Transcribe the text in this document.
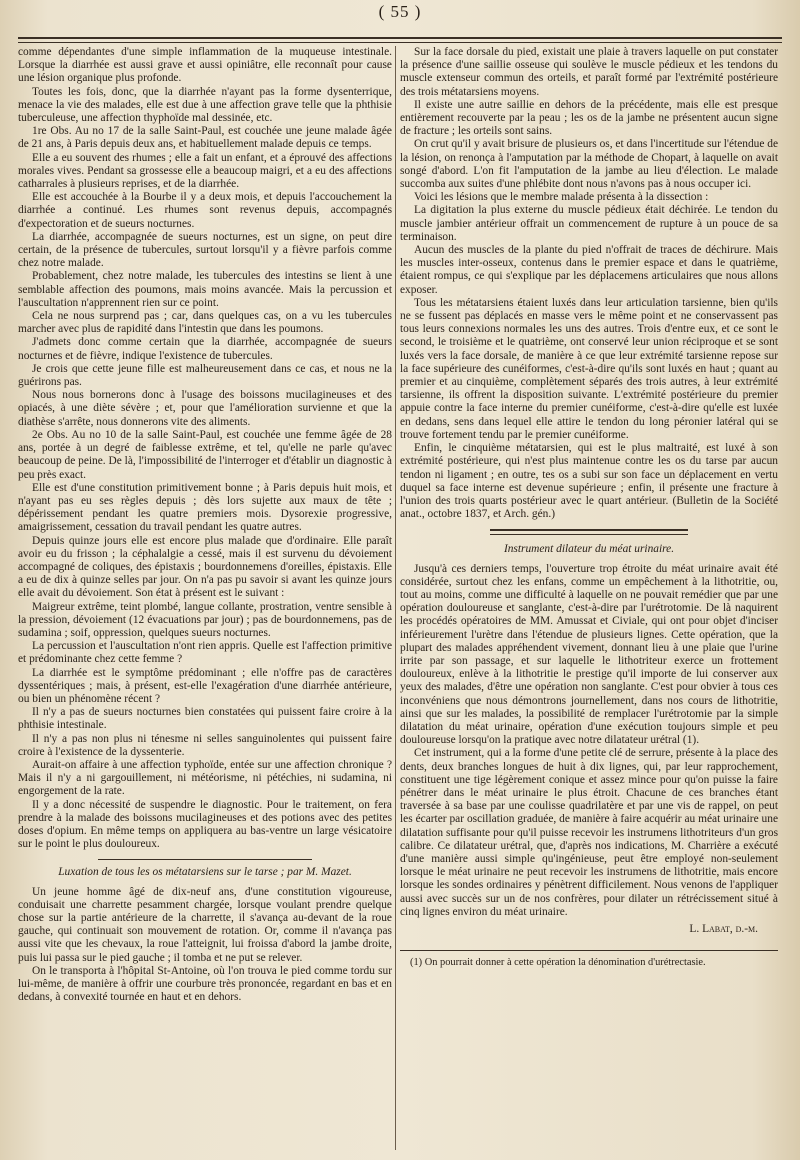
( 55 )

comme dépendantes d'une simple inflammation de la muqueuse intestinale. Lorsque la diarrhée est aussi grave et aussi opiniâtre, elle reconnaît pour cause une lésion organique plus profonde.

Toutes les fois, donc, que la diarrhée n'ayant pas la forme dysenterrique, menace la vie des malades, elle est due à une affection grave telle que la phthisie tuberculeuse, une affection thyphoïde mal dessinée, etc.

1re Obs. Au no 17 de la salle Saint-Paul, est couchée une jeune malade âgée de 21 ans, à Paris depuis deux ans, et habituellement malade depuis ce temps.

Elle a eu souvent des rhumes ; elle a fait un enfant, et a éprouvé des affections morales vives. Pendant sa grossesse elle a beaucoup maigri, et a eu des affections catharrales à plusieurs reprises, et de la diarrhée.

Elle est accouchée à la Bourbe il y a deux mois, et depuis l'accouchement la diarrhée a continué. Les rhumes sont revenus depuis, accompagnés d'expectoration et de sueurs nocturnes.

La diarrhée, accompagnée de sueurs nocturnes, est un signe, on peut dire certain, de la présence de tubercules, surtout lorsqu'il y a fièvre parfois comme chez notre malade.

Probablement, chez notre malade, les tubercules des intestins se lient à une semblable affection des poumons, mais moins avancée. Mais la percussion et l'auscultation n'apprennent rien sur ce point.

Cela ne nous surprend pas ; car, dans quelques cas, on a vu les tubercules marcher avec plus de rapidité dans l'intestin que dans les poumons.

J'admets donc comme certain que la diarrhée, accompagnée de sueurs nocturnes et de fièvre, indique l'existence de tubercules.

Je crois que cette jeune fille est malheureusement dans ce cas, et nous ne la guérirons pas.

Nous nous bornerons donc à l'usage des boissons mucilagineuses et des opiacés, à une diète sévère ; et, pour que l'amélioration survienne et que la diathèse s'arrête, nous donnerons vite des aliments.

2e Obs. Au no 10 de la salle Saint-Paul, est couchée une femme âgée de 28 ans, portée à un degré de faiblesse extrême, et tel, qu'elle ne parle qu'avec beaucoup de peine. De là, l'impossibilité de l'interroger et d'établir un diagnostic à peu près exact.

Elle est d'une constitution primitivement bonne ; à Paris depuis huit mois, et n'ayant pas eu ses règles depuis ; dès lors sujette aux maux de tête ; dépérissement pendant les quatre premiers mois. Dysorexie progressive, amaigrissement, cessation du travail pendant les quatre autres.

Depuis quinze jours elle est encore plus malade que d'ordinaire. Elle paraît avoir eu du frisson ; la céphalalgie a cessé, mais il est survenu du dévoiement accompagné de coliques, des épistaxis ; bourdonnemens d'oreilles, épistaxis. Elle a eu de dix à quinze selles par jour. On n'a pas pu savoir si avant les quinze jours elle avait du dévoiement. Son état à présent est le suivant :

Maigreur extrême, teint plombé, langue collante, prostration, ventre sensible à la pression, dévoiement (12 évacuations par jour) ; pas de bourdonnemens, pas de sudamina ; soif, oppression, quelques sueurs nocturnes.

La percussion et l'auscultation n'ont rien appris. Quelle est l'affection primitive et prédominante chez cette femme ?

La diarrhée est le symptôme prédominant ; elle n'offre pas de caractères dyssentériques ; mais, à présent, est-elle l'exagération d'une diarrhée antérieure, ou bien un phénomène récent ?

Il n'y a pas de sueurs nocturnes bien constatées qui puissent faire croire à la phthisie intestinale.

Il n'y a pas non plus ni ténesme ni selles sanguinolentes qui puissent faire croire à l'existence de la dyssenterie.

Aurait-on affaire à une affection typhoïde, entée sur une affection chronique ? Mais il n'y a ni gargouillement, ni météorisme, ni pétéchies, ni sudamina, ni engorgement de la rate.

Il y a donc nécessité de suspendre le diagnostic. Pour le traitement, on fera prendre à la malade des boissons mucilagineuses et des potions avec des petites doses d'opium. En même temps on appliquera au bas-ventre un large vésicatoire sur le point le plus douloureux.

Luxation de tous les os métatarsiens sur le tarse ; par M. Mazet.

Un jeune homme âgé de dix-neuf ans, d'une constitution vigoureuse, conduisait une charrette pesamment chargée, lorsque voulant prendre quelque chose sur la partie antérieure de la charrette, il s'avança au-devant de la roue gauche, qui continuait son mouvement de rotation. Or, comme il n'avança pas aussi vite que les chevaux, la roue l'atteignit, lui froissa d'abord la jambe droite, puis lui passa sur le pied gauche ; il tomba et ne put se relever.

On le transporta à l'hôpital St-Antoine, où l'on trouva le pied comme tordu sur lui-même, de manière à offrir une courbure très prononcée, regardant en bas et en dedans, à convexité tournée en haut et en dehors.

Sur la face dorsale du pied, existait une plaie à travers laquelle on put constater la présence d'une saillie osseuse qui soulève le muscle pédieux et les tendons du muscle extenseur commun des orteils, et paraît formé par l'extrémité postérieure des trois métatarsiens moyens.

Il existe une autre saillie en dehors de la précédente, mais elle est presque entièrement recouverte par la peau ; les os de la jambe ne présentent aucun signe de fracture ; les orteils sont sains.

On crut qu'il y avait brisure de plusieurs os, et dans l'incertitude sur l'étendue de la lésion, on renonça à l'amputation par la méthode de Chopart, à laquelle on avait songé d'abord. L'on fit l'amputation de la jambe au lieu d'élection. Le malade succomba aux suites d'une phlébite dont nous n'avons pas à nous occuper ici.

Voici les lésions que le membre malade présenta à la dissection :

La digitation la plus externe du muscle pédieux était déchirée. Le tendon du muscle jambier antérieur offrait un commencement de rupture à un pouce de sa terminaison.

Aucun des muscles de la plante du pied n'offrait de traces de déchirure. Mais les muscles inter-osseux, contenus dans le premier espace et dans le quatrième, étaient rompus, ce qui s'explique par les déplacemens articulaires que nous allons exposer.

Tous les métatarsiens étaient luxés dans leur articulation tarsienne, bien qu'ils ne se fussent pas déplacés en masse vers le même point et ne conservassent pas tous leurs connexions normales les uns des autres. Trois d'entre eux, et ce sont le second, le troisième et le quatrième, ont conservé leur union réciproque et se sont luxés vers la face dorsale, de manière à ce que leur extrémité tarsienne repose sur la face supérieure des cunéiformes, c'est-à-dire qu'ils sont luxés en haut ; quant au premier et au cinquième, complètement séparés des trois autres, à leur extrémité tarsienne, ils offrent la disposition suivante. L'extrémité postérieure du premier appuie contre la face interne du premier cunéiforme, c'est-à-dire qu'elle est luxée en dedans, sens dans lequel elle attire le tendon du long péronier latéral qui se trouve fortement tendu par le premier cunéiforme.

Enfin, le cinquième métatarsien, qui est le plus maltraité, est luxé à son extrémité postérieure, qui n'est plus maintenue contre les os du tarse par aucun tendon ni ligament ; en outre, tes os a subi sur son face un déplacement en vertu duquel sa face interne est devenue supérieure ; enfin, il présente une fracture à l'union des trois quarts postérieur avec le quart antérieur. (Bulletin de la Société anat., octobre 1837, et Arch. gén.)

Instrument dilateur du méat urinaire.

Jusqu'à ces derniers temps, l'ouverture trop étroite du méat urinaire avait été considérée, surtout chez les enfans, comme un empêchement à la lithotritie, ou, tout au moins, comme une difficulté à laquelle on ne pouvait remédier que par une opération douloureuse et sanglante, c'est-à-dire par l'urétrotomie. De là naquirent les procédés opératoires de MM. Amussat et Civiale, qui ont pour objet d'inciser inférieurement l'urètre dans l'étendue de plusieurs lignes. Cette opération, que la plupart des malades appréhendent vivement, donnant lieu à une plaie que l'urine irrite par son passage, et sur laquelle le lithotriteur exerce un frottement douloureux, enlève à la lithotritie le prestige qu'il importe de lui conserver aux yeux des malades, d'être une opération non sanglante. C'est pour obvier à tous ces inconvéniens que nous démontrons journellement, dans nos cours de lithotritie, ainsi que sur les malades, la possibilité de remplacer l'urétrotomie par la simple dilatation du méat urinaire, opération d'une exécution toujours simple et peu douloureuse lorsqu'on la pratique avec notre dilatateur urétral (1).

Cet instrument, qui a la forme d'une petite clé de serrure, présente à la place des dents, deux branches longues de huit à dix lignes, qui, par leur rapprochement, constituent une tige légèrement conique et assez mince pour qu'on puisse la faire pénétrer dans le méat urinaire le plus étroit. Chacune de ces branches étant traversée à sa base par une coulisse quadrilatère et par une vis de rappel, on peut les écarter par oscillation graduée, de manière à faire acquérir au méat urinaire une dilatation suffisante pour qu'il puisse recevoir les instrumens lithotriteurs d'un gros calibre. Ce dilatateur urétral, que, d'après nos indications, M. Charrière a exécuté d'une manière aussi simple qu'ingénieuse, peut être employé non-seulement lorsque le méat urinaire ne peut recevoir les instrumens de lithotritie, mais encore lorsque les sondes ordinaires y pénètrent difficilement. Nous venons de l'appliquer aussi avec succès sur un de nos confrères, pour dilater un rétrécissement situé à cinq lignes environ du méat urinaire.

L. Labat, d.-m.

(1) On pourrait donner à cette opération la dénomination d'urétrectasie.
